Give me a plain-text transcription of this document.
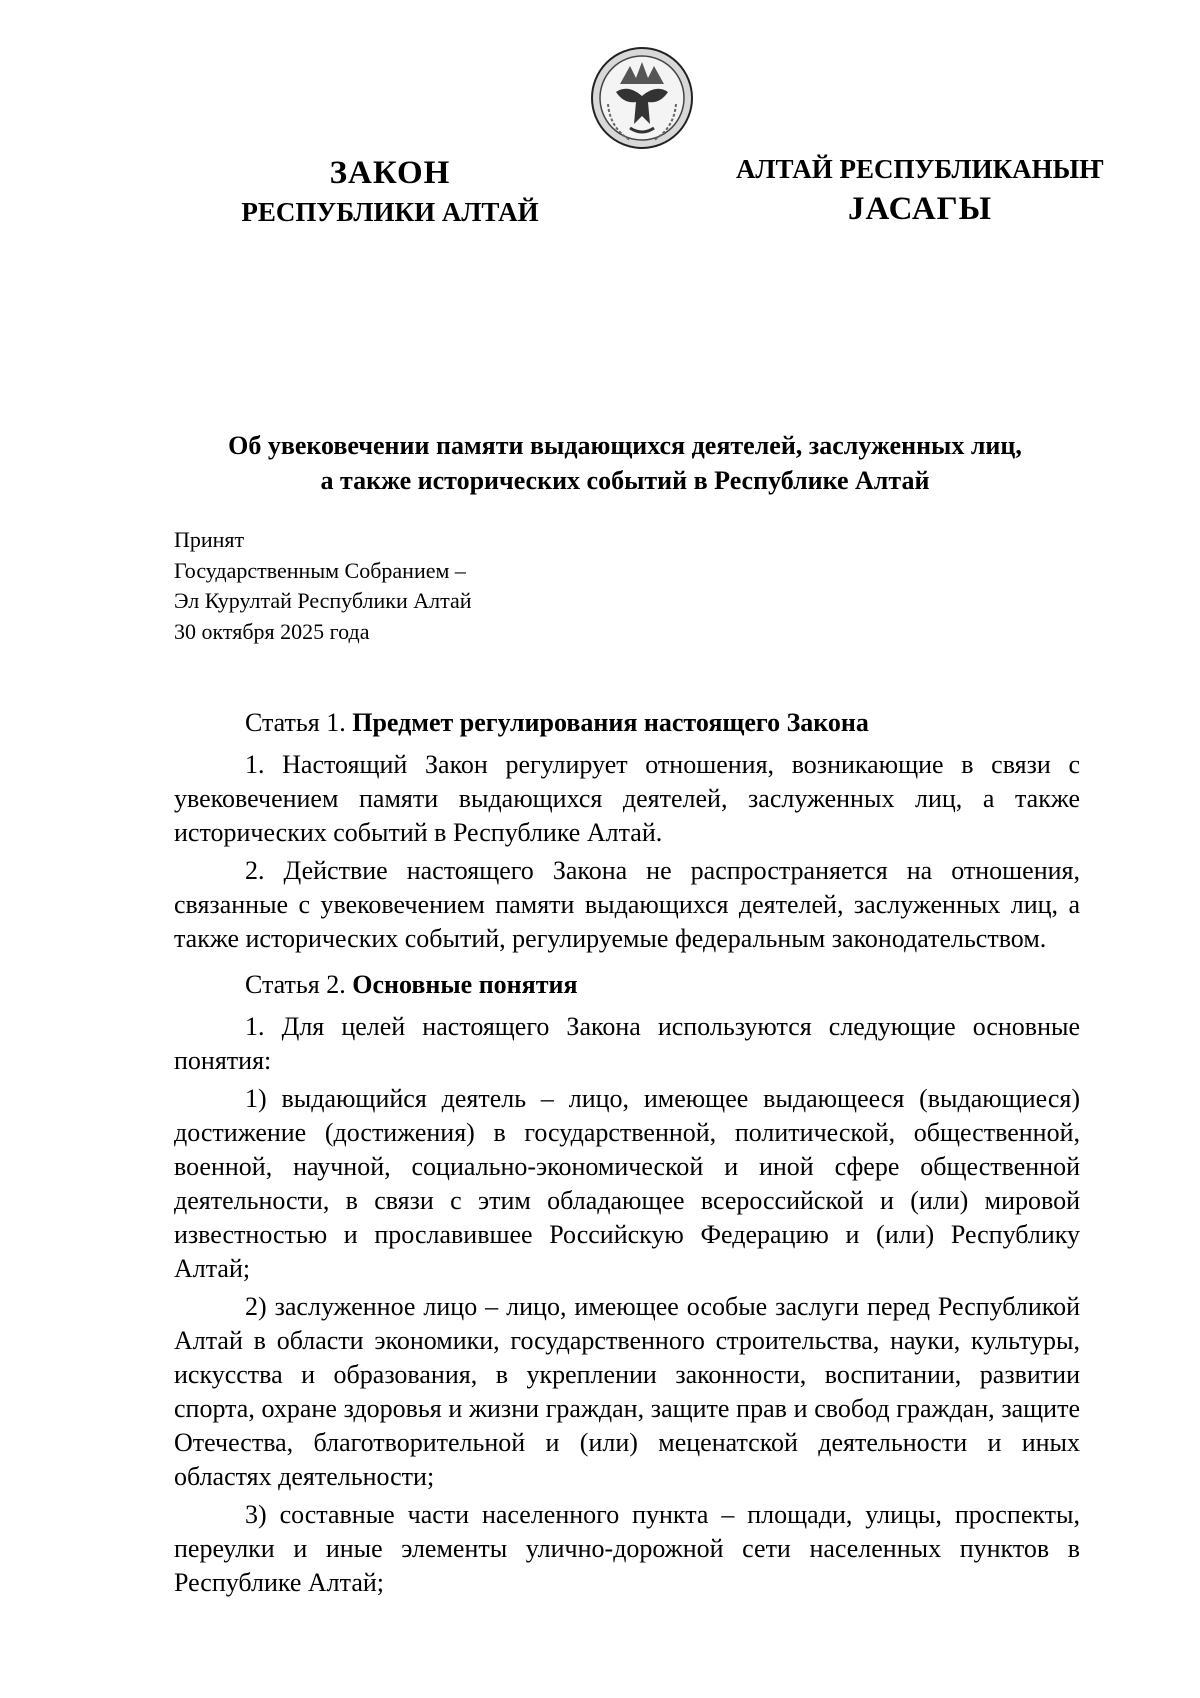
ЗАКОН
РЕСПУБЛИКИ АЛТАЙ
АЛТАЙ РЕСПУБЛИКАНЫҤ
ЈАСАГЫ
Об увековечении памяти выдающихся деятелей, заслуженных лиц,
а также исторических событий в Республике Алтай
Принят
Государственным Собранием –
Эл Курултай Республики Алтай
30 октября 2025 года
Статья 1. Предмет регулирования настоящего Закона

1. Настоящий Закон регулирует отношения, возникающие в связи с увековечением памяти выдающихся деятелей, заслуженных лиц, а также исторических событий в Республике Алтай.

2. Действие настоящего Закона не распространяется на отношения, связанные с увековечением памяти выдающихся деятелей, заслуженных лиц, а также исторических событий, регулируемые федеральным законодательством.

Статья 2. Основные понятия

1. Для целей настоящего Закона используются следующие основные понятия:

1) выдающийся деятель – лицо, имеющее выдающееся (выдающиеся) достижение (достижения) в государственной, политической, общественной, военной, научной, социально-экономической и иной сфере общественной деятельности, в связи с этим обладающее всероссийской и (или) мировой известностью и прославившее Российскую Федерацию и (или) Республику Алтай;

2) заслуженное лицо – лицо, имеющее особые заслуги перед Республикой Алтай в области экономики, государственного строительства, науки, культуры, искусства и образования, в укреплении законности, воспитании, развитии спорта, охране здоровья и жизни граждан, защите прав и свобод граждан, защите Отечества, благотворительной и (или) меценатской деятельности и иных областях деятельности;

3) составные части населенного пункта – площади, улицы, проспекты, переулки и иные элементы улично-дорожной сети населенных пунктов в Республике Алтай;
